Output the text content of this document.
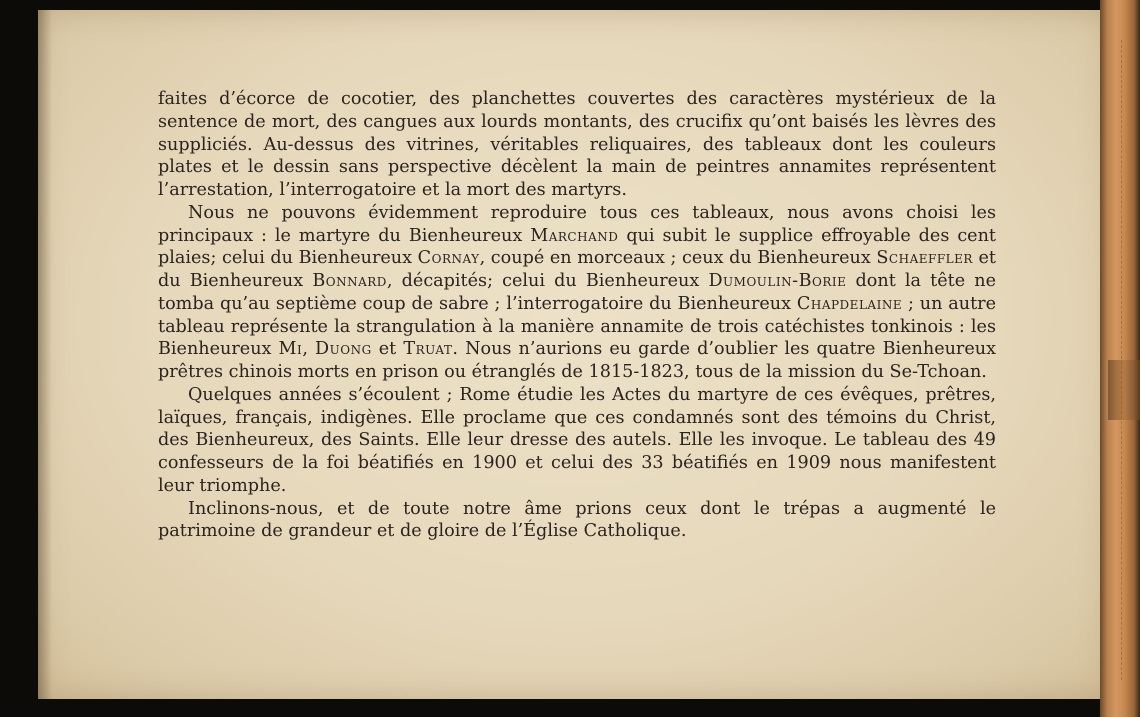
faites d’écorce de cocotier, des planchettes couvertes des caractères mystérieux de la sentence de mort, des cangues aux lourds montants, des crucifix qu’ont baisés les lèvres des suppliciés. Au-dessus des vitrines, véritables reliquaires, des tableaux dont les couleurs plates et le dessin sans perspective décèlent la main de peintres annamites représentent l’arrestation, l’interrogatoire et la mort des martyrs.

Nous ne pouvons évidemment reproduire tous ces tableaux, nous avons choisi les principaux : le martyre du Bienheureux Marchand qui subit le supplice effroyable des cent plaies; celui du Bienheureux Cornay, coupé en morceaux ; ceux du Bienheureux Schaeffler et du Bienheureux Bonnard, décapités; celui du Bienheureux Dumoulin-Borie dont la tête ne tomba qu’au septième coup de sabre ; l’interrogatoire du Bienheureux Chapdelaine ; un autre tableau représente la strangulation à la manière annamite de trois catéchistes tonkinois : les Bienheureux Mi, Duong et Truat. Nous n’aurions eu garde d’oublier les quatre Bienheureux prêtres chinois morts en prison ou étranglés de 1815-1823, tous de la mission du Se-Tchoan.

Quelques années s’écoulent ; Rome étudie les Actes du martyre de ces évêques, prêtres, laïques, français, indigènes. Elle proclame que ces condamnés sont des témoins du Christ, des Bienheureux, des Saints. Elle leur dresse des autels. Elle les invoque. Le tableau des 49 confesseurs de la foi béatifiés en 1900 et celui des 33 béatifiés en 1909 nous manifestent leur triomphe.

Inclinons-nous, et de toute notre âme prions ceux dont le trépas a augmenté le patrimoine de grandeur et de gloire de l’Église Catholique.
